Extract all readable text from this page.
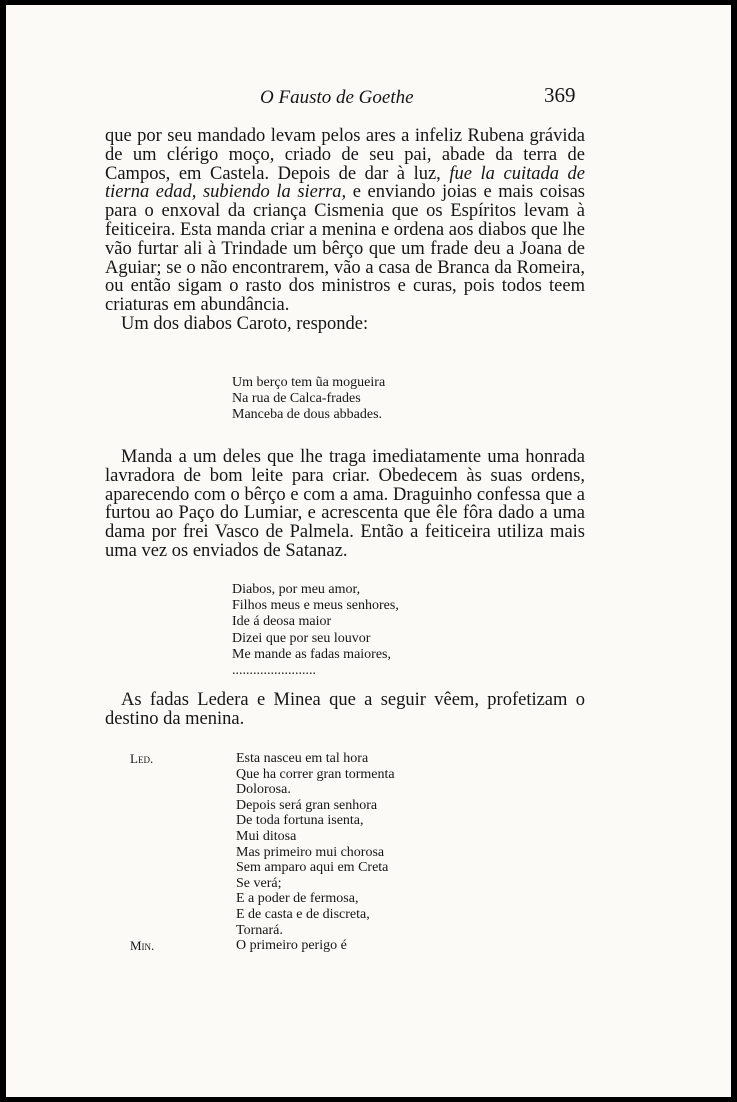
O Fausto de Goethe	369

que por seu mandado levam pelos ares a infeliz Rubena grávida de um clérigo moço, criado de seu pai, abade da terra de Campos, em Castela. Depois de dar à luz, fue la cuitada de tierna edad, subiendo la sierra, e enviando joias e mais coisas para o enxoval da criança Cismenia que os Espíritos levam à feiticeira. Esta manda criar a menina e ordena aos diabos que lhe vão furtar ali à Trindade um bêrço que um frade deu a Joana de Aguiar; se o não encontrarem, vão a casa de Branca da Romeira, ou então sigam o rasto dos ministros e curas, pois todos teem criaturas em abundância.

Um dos diabos Caroto, responde:

Um berço tem ũa mogueira
Na rua de Calca-frades
Manceba de dous abbades.

Manda a um deles que lhe traga imediatamente uma honrada lavradora de bom leite para criar. Obedecem às suas ordens, aparecendo com o bêrço e com a ama. Draguinho confessa que a furtou ao Paço do Lumiar, e acrescenta que êle fôra dado a uma dama por frei Vasco de Palmela. Então a feiticeira utiliza mais uma vez os enviados de Satanaz.

Diabos, por meu amor,
Filhos meus e meus senhores,
Ide á deosa maior
Dizei que por seu louvor
Me mande as fadas maiores,
........................

As fadas Ledera e Minea que a seguir vêem, profetizam o destino da menina.

Led.	Esta nasceu em tal hora
Que ha correr gran tormenta
Dolorosa.
Depois será gran senhora
De toda fortuna isenta,
Mui ditosa
Mas primeiro mui chorosa
Sem amparo aqui em Creta
Se verá;
E a poder de fermosa,
E de casta e de discreta,
Tornará.
Min.	O primeiro perigo é
